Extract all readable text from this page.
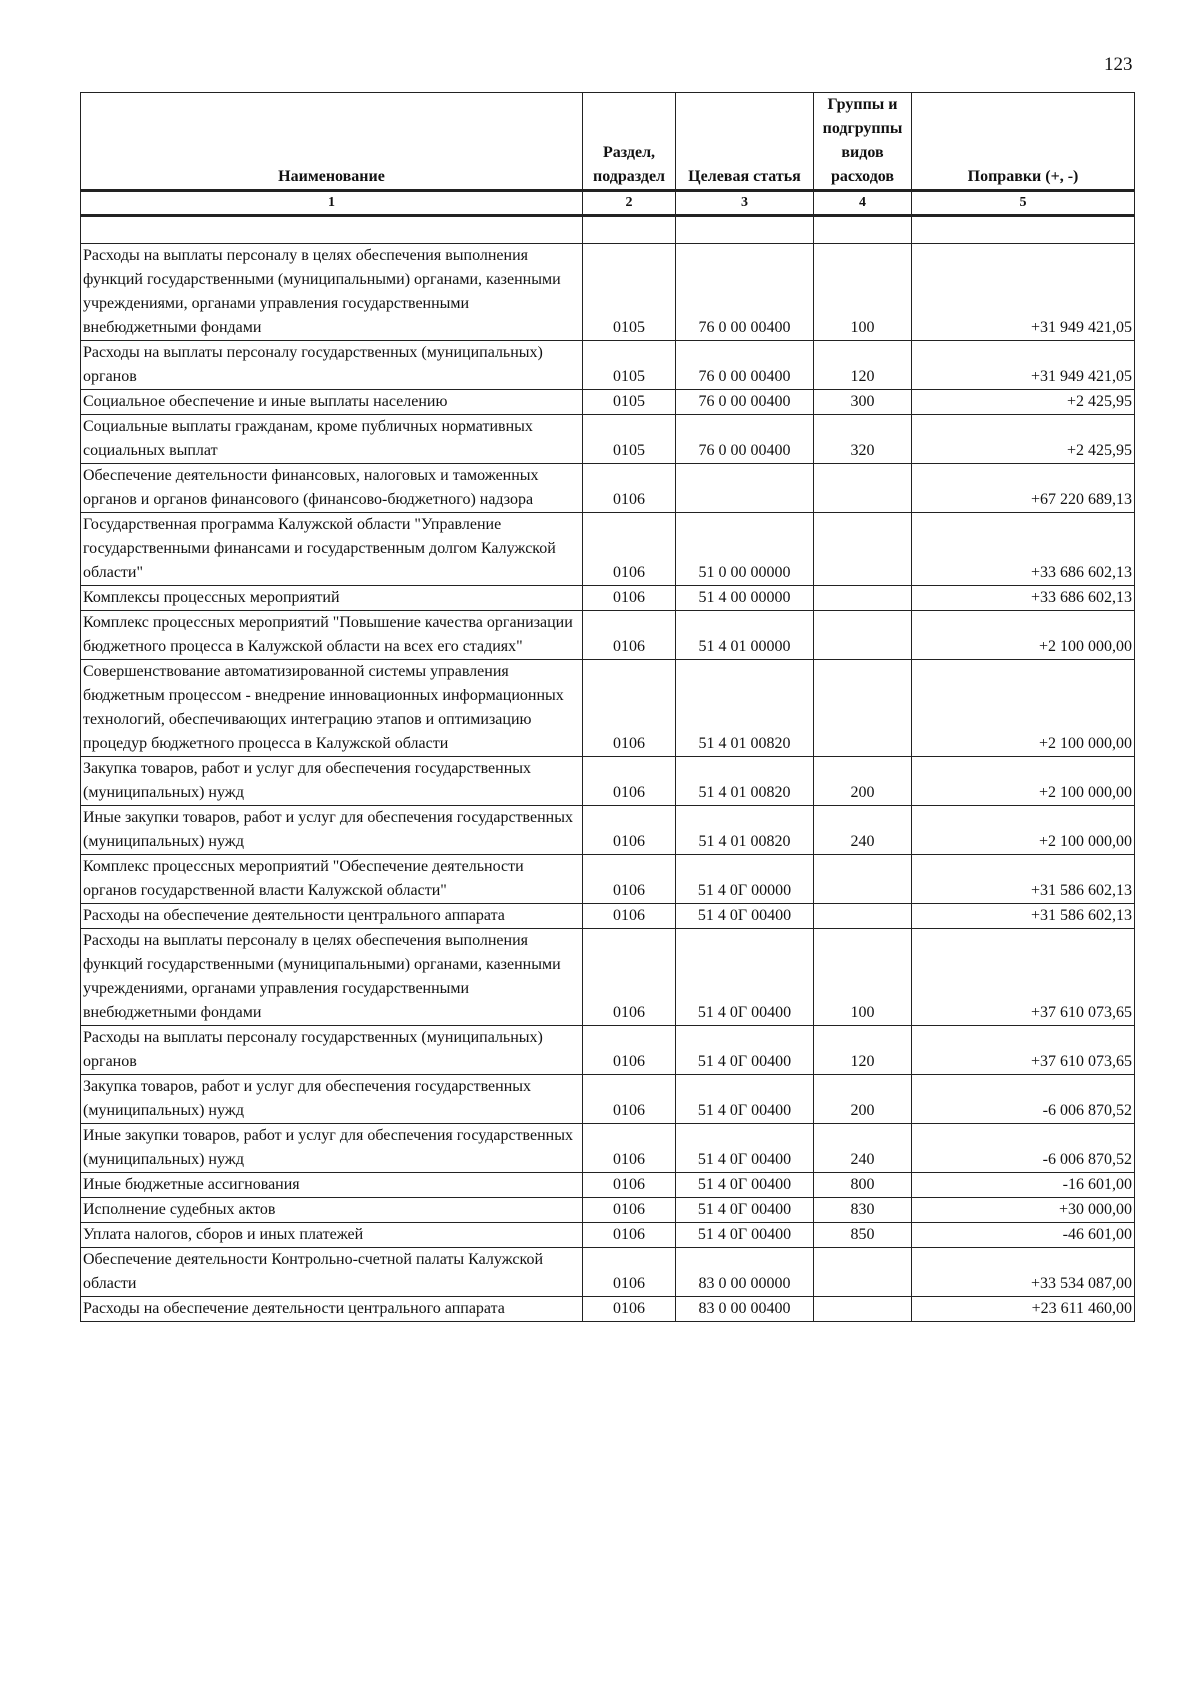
123
Наименование	Раздел, подраздел	Целевая статья	Группы и подгруппы видов расходов	Поправки (+, -)
1	2	3	4	5

Расходы на выплаты персоналу в целях обеспечения выполнения функций государственными (муниципальными) органами, казенными учреждениями, органами управления государственными внебюджетными фондами	0105	76 0 00 00400	100	+31 949 421,05
Расходы на выплаты персоналу государственных (муниципальных) органов	0105	76 0 00 00400	120	+31 949 421,05
Социальное обеспечение и иные выплаты населению	0105	76 0 00 00400	300	+2 425,95
Социальные выплаты гражданам, кроме публичных нормативных социальных выплат	0105	76 0 00 00400	320	+2 425,95
Обеспечение деятельности финансовых, налоговых и таможенных органов и органов финансового (финансово-бюджетного) надзора	0106			+67 220 689,13
Государственная программа Калужской области "Управление государственными финансами и государственным долгом Калужской области"	0106	51 0 00 00000		+33 686 602,13
Комплексы процессных мероприятий	0106	51 4 00 00000		+33 686 602,13
Комплекс процессных мероприятий "Повышение качества организации бюджетного процесса в Калужской области на всех его стадиях"	0106	51 4 01 00000		+2 100 000,00
Совершенствование автоматизированной системы управления бюджетным процессом - внедрение инновационных информационных технологий, обеспечивающих интеграцию этапов и оптимизацию процедур бюджетного процесса в Калужской области	0106	51 4 01 00820		+2 100 000,00
Закупка товаров, работ и услуг для обеспечения государственных (муниципальных) нужд	0106	51 4 01 00820	200	+2 100 000,00
Иные закупки товаров, работ и услуг для обеспечения государственных (муниципальных) нужд	0106	51 4 01 00820	240	+2 100 000,00
Комплекс процессных мероприятий "Обеспечение деятельности органов государственной власти Калужской области"	0106	51 4 0Г 00000		+31 586 602,13
Расходы на обеспечение деятельности центрального аппарата	0106	51 4 0Г 00400		+31 586 602,13
Расходы на выплаты персоналу в целях обеспечения выполнения функций государственными (муниципальными) органами, казенными учреждениями, органами управления государственными внебюджетными фондами	0106	51 4 0Г 00400	100	+37 610 073,65
Расходы на выплаты персоналу государственных (муниципальных) органов	0106	51 4 0Г 00400	120	+37 610 073,65
Закупка товаров, работ и услуг для обеспечения государственных (муниципальных) нужд	0106	51 4 0Г 00400	200	-6 006 870,52
Иные закупки товаров, работ и услуг для обеспечения государственных (муниципальных) нужд	0106	51 4 0Г 00400	240	-6 006 870,52
Иные бюджетные ассигнования	0106	51 4 0Г 00400	800	-16 601,00
Исполнение судебных актов	0106	51 4 0Г 00400	830	+30 000,00
Уплата налогов, сборов и иных платежей	0106	51 4 0Г 00400	850	-46 601,00
Обеспечение деятельности Контрольно-счетной палаты Калужской области	0106	83 0 00 00000		+33 534 087,00
Расходы на обеспечение деятельности центрального аппарата	0106	83 0 00 00400		+23 611 460,00
